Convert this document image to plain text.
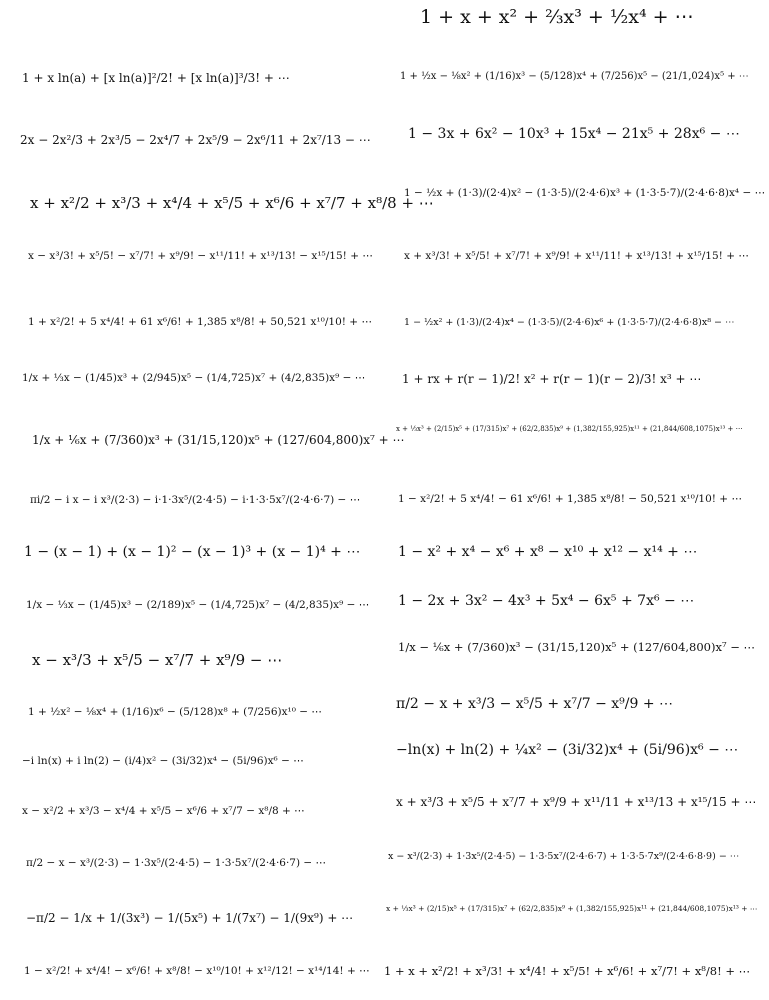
1 + x + x² + ⅔x³ + ½x⁴ + ⋯
1 + x ln(a) + [x ln(a)]²/2! + [x ln(a)]³/3! + ⋯
2x − 2x²/3 + 2x³/5 − 2x⁴/7 + 2x⁵/9 − 2x⁶/11 + 2x⁷/13 − ⋯
x + x²/2 + x³/3 + x⁴/4 + x⁵/5 + x⁶/6 + x⁷/7 + x⁸/8 + ⋯
x − x³/3! + x⁵/5! − x⁷/7! + x⁹/9! − x¹¹/11! + x¹³/13! − x¹⁵/15! + ⋯
1 + x²/2! + 5 x⁴/4! + 61 x⁶/6! + 1,385 x⁸/8! + 50,521 x¹⁰/10! + ⋯
1/x + ⅓x − (1/45)x³ + (2/945)x⁵ − (1/4,725)x⁷ + (4/2,835)x⁹ − ⋯
1/x + ⅙x + (7/360)x³ + (31/15,120)x⁵ + (127/604,800)x⁷ + ⋯
πi/2 − i x − i x³/(2·3) − i·1·3x⁵/(2·4·5) − i·1·3·5x⁷/(2·4·6·7) − ⋯
1 − (x − 1) + (x − 1)² − (x − 1)³ + (x − 1)⁴ + ⋯
1/x − ⅓x − (1/45)x³ − (2/189)x⁵ − (1/4,725)x⁷ − (4/2,835)x⁹ − ⋯
x − x³/3 + x⁵/5 − x⁷/7 + x⁹/9 − ⋯
1 + ½x² − ⅛x⁴ + (1/16)x⁶ − (5/128)x⁸ + (7/256)x¹⁰ − ⋯
−i ln(x) + i ln(2) − (i/4)x² − (3i/32)x⁴ − (5i/96)x⁶ − ⋯
x − x²/2 + x³/3 − x⁴/4 + x⁵/5 − x⁶/6 + x⁷/7 − x⁸/8 + ⋯
π/2 − x − x³/(2·3) − 1·3x⁵/(2·4·5) − 1·3·5x⁷/(2·4·6·7) − ⋯
−π/2 − 1/x + 1/(3x³) − 1/(5x⁵) + 1/(7x⁷) − 1/(9x⁹) + ⋯
1 − x²/2! + x⁴/4! − x⁶/6! + x⁸/8! − x¹⁰/10! + x¹²/12! − x¹⁴/14! + ⋯
1 + ½x − ⅛x² + (1/16)x³ − (5/128)x⁴ + (7/256)x⁵ − (21/1,024)x⁵ + ⋯
1 − 3x + 6x² − 10x³ + 15x⁴ − 21x⁵ + 28x⁶ − ⋯
1 − ½x + (1·3)/(2·4)x² − (1·3·5)/(2·4·6)x³ + (1·3·5·7)/(2·4·6·8)x⁴ − ⋯
x + x³/3! + x⁵/5! + x⁷/7! + x⁹/9! + x¹¹/11! + x¹³/13! + x¹⁵/15! + ⋯
1 − ½x² + (1·3)/(2·4)x⁴ − (1·3·5)/(2·4·6)x⁶ + (1·3·5·7)/(2·4·6·8)x⁸ − ⋯
1 + rx + r(r − 1)/2! x² + r(r − 1)(r − 2)/3! x³ + ⋯
x + ⅓x³ + (2/15)x⁵ + (17/315)x⁷ + (62/2,835)x⁹ + (1,382/155,925)x¹¹ + (21,844/608,1075)x¹³ + ⋯
1 − x²/2! + 5 x⁴/4! − 61 x⁶/6! + 1,385 x⁸/8! − 50,521 x¹⁰/10! + ⋯
1 − x² + x⁴ − x⁶ + x⁸ − x¹⁰ + x¹² − x¹⁴ + ⋯
1 − 2x + 3x² − 4x³ + 5x⁴ − 6x⁵ + 7x⁶ − ⋯
1/x − ⅙x + (7/360)x³ − (31/15,120)x⁵ + (127/604,800)x⁷ − ⋯
π/2 − x + x³/3 − x⁵/5 + x⁷/7 − x⁹/9 + ⋯
−ln(x) + ln(2) + ¼x² − (3i/32)x⁴ + (5i/96)x⁶ − ⋯
x + x³/3 + x⁵/5 + x⁷/7 + x⁹/9 + x¹¹/11 + x¹³/13 + x¹⁵/15 + ⋯
x − x³/(2·3) + 1·3x⁵/(2·4·5) − 1·3·5x⁷/(2·4·6·7) + 1·3·5·7x⁹/(2·4·6·8·9) − ⋯
x + ⅓x³ + (2/15)x⁵ + (17/315)x⁷ + (62/2,835)x⁹ + (1,382/155,925)x¹¹ + (21,844/608,1075)x¹³ + ⋯
1 + x + x²/2! + x³/3! + x⁴/4! + x⁵/5! + x⁶/6! + x⁷/7! + x⁸/8! + ⋯
